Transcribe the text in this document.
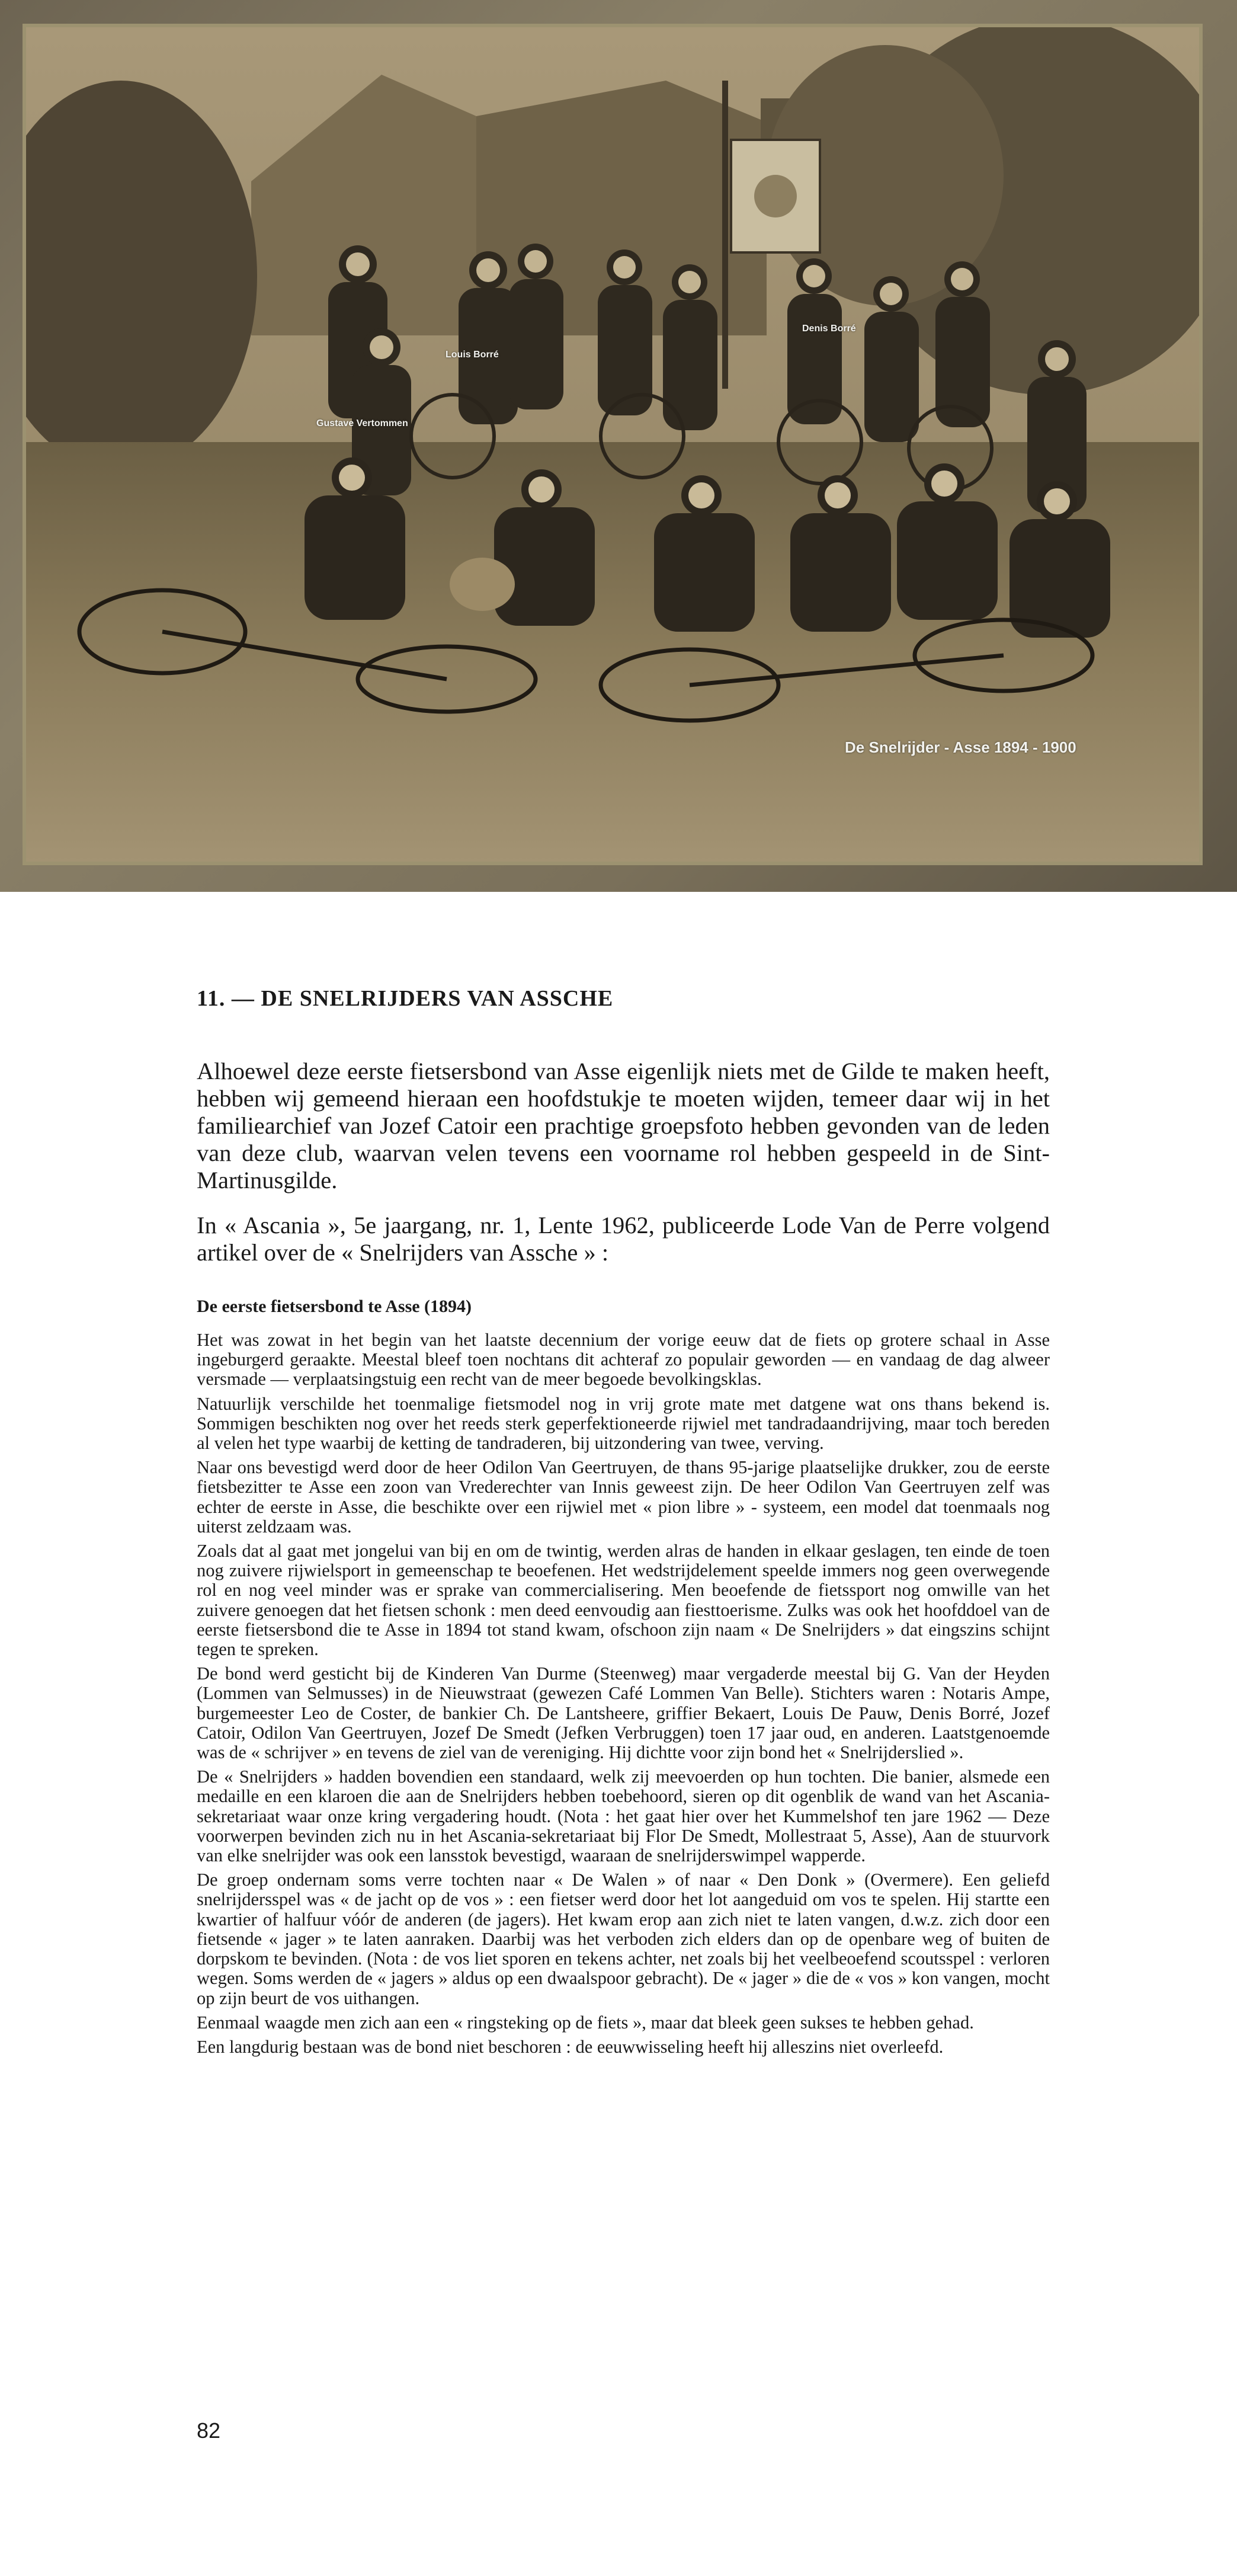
Louis Borré
Denis Borré
Gustave Vertommen
De Snelrijder - Asse 1894 - 1900
11. — DE SNELRIJDERS VAN ASSCHE

Alhoewel deze eerste fietsersbond van Asse eigenlijk niets met de Gilde te maken heeft, hebben wij gemeend hieraan een hoofdstukje te moeten wijden, temeer daar wij in het familiearchief van Jozef Catoir een prachtige groepsfoto hebben gevonden van de leden van deze club, waarvan velen tevens een voorname rol hebben gespeeld in de Sint-Martinusgilde.

In « Ascania », 5e jaargang, nr. 1, Lente 1962, publiceerde Lode Van de Perre volgend artikel over de « Snelrijders van Assche » :

De eerste fietsersbond te Asse (1894)

Het was zowat in het begin van het laatste decennium der vorige eeuw dat de fiets op grotere schaal in Asse ingeburgerd geraakte. Meestal bleef toen nochtans dit achteraf zo populair geworden — en vandaag de dag alweer versmade — verplaatsingstuig een recht van de meer begoede bevolkingsklas.

Natuurlijk verschilde het toenmalige fietsmodel nog in vrij grote mate met datgene wat ons thans bekend is. Sommigen beschikten nog over het reeds sterk geperfektioneerde rijwiel met tandradaandrijving, maar toch bereden al velen het type waarbij de ketting de tandraderen, bij uitzondering van twee, verving.

Naar ons bevestigd werd door de heer Odilon Van Geertruyen, de thans 95-jarige plaatselijke drukker, zou de eerste fietsbezitter te Asse een zoon van Vrederechter van Innis geweest zijn. De heer Odilon Van Geertruyen zelf was echter de eerste in Asse, die beschikte over een rijwiel met « pion libre » - systeem, een model dat toenmaals nog uiterst zeldzaam was.

Zoals dat al gaat met jongelui van bij en om de twintig, werden alras de handen in elkaar geslagen, ten einde de toen nog zuivere rijwielsport in gemeenschap te beoefenen. Het wedstrijdelement speelde immers nog geen overwegende rol en nog veel minder was er sprake van commercialisering. Men beoefende de fietssport nog omwille van het zuivere genoegen dat het fietsen schonk : men deed eenvoudig aan fiesttoerisme. Zulks was ook het hoofddoel van de eerste fietsersbond die te Asse in 1894 tot stand kwam, ofschoon zijn naam « De Snelrijders » dat eingszins schijnt tegen te spreken.

De bond werd gesticht bij de Kinderen Van Durme (Steenweg) maar vergaderde meestal bij G. Van der Heyden (Lommen van Selmusses) in de Nieuwstraat (gewezen Café Lommen Van Belle). Stichters waren : Notaris Ampe, burgemeester Leo de Coster, de bankier Ch. De Lantsheere, griffier Bekaert, Louis De Pauw, Denis Borré, Jozef Catoir, Odilon Van Geertruyen, Jozef De Smedt (Jefken Verbruggen) toen 17 jaar oud, en anderen. Laatstgenoemde was de « schrijver » en tevens de ziel van de vereniging. Hij dichtte voor zijn bond het « Snelrijderslied ».

De « Snelrijders » hadden bovendien een standaard, welk zij meevoerden op hun tochten. Die banier, alsmede een medaille en een klaroen die aan de Snelrijders hebben toebehoord, sieren op dit ogenblik de wand van het Ascania-sekretariaat waar onze kring vergadering houdt. (Nota : het gaat hier over het Kummelshof ten jare 1962 — Deze voorwerpen bevinden zich nu in het Ascania-sekretariaat bij Flor De Smedt, Mollestraat 5, Asse), Aan de stuurvork van elke snelrijder was ook een lansstok bevestigd, waaraan de snelrijderswimpel wapperde.

De groep ondernam soms verre tochten naar « De Walen » of naar « Den Donk » (Overmere). Een geliefd snelrijdersspel was « de jacht op de vos » : een fietser werd door het lot aangeduid om vos te spelen. Hij startte een kwartier of halfuur vóór de anderen (de jagers). Het kwam erop aan zich niet te laten vangen, d.w.z. zich door een fietsende « jager » te laten aanraken. Daarbij was het verboden zich elders dan op de openbare weg of buiten de dorpskom te bevinden. (Nota : de vos liet sporen en tekens achter, net zoals bij het veelbeoefend scoutsspel : verloren wegen. Soms werden de « jagers » aldus op een dwaalspoor gebracht). De « jager » die de « vos » kon vangen, mocht op zijn beurt de vos uithangen.

Eenmaal waagde men zich aan een « ringsteking op de fiets », maar dat bleek geen sukses te hebben gehad.

Een langdurig bestaan was de bond niet beschoren : de eeuwwisseling heeft hij alleszins niet overleefd.

82
